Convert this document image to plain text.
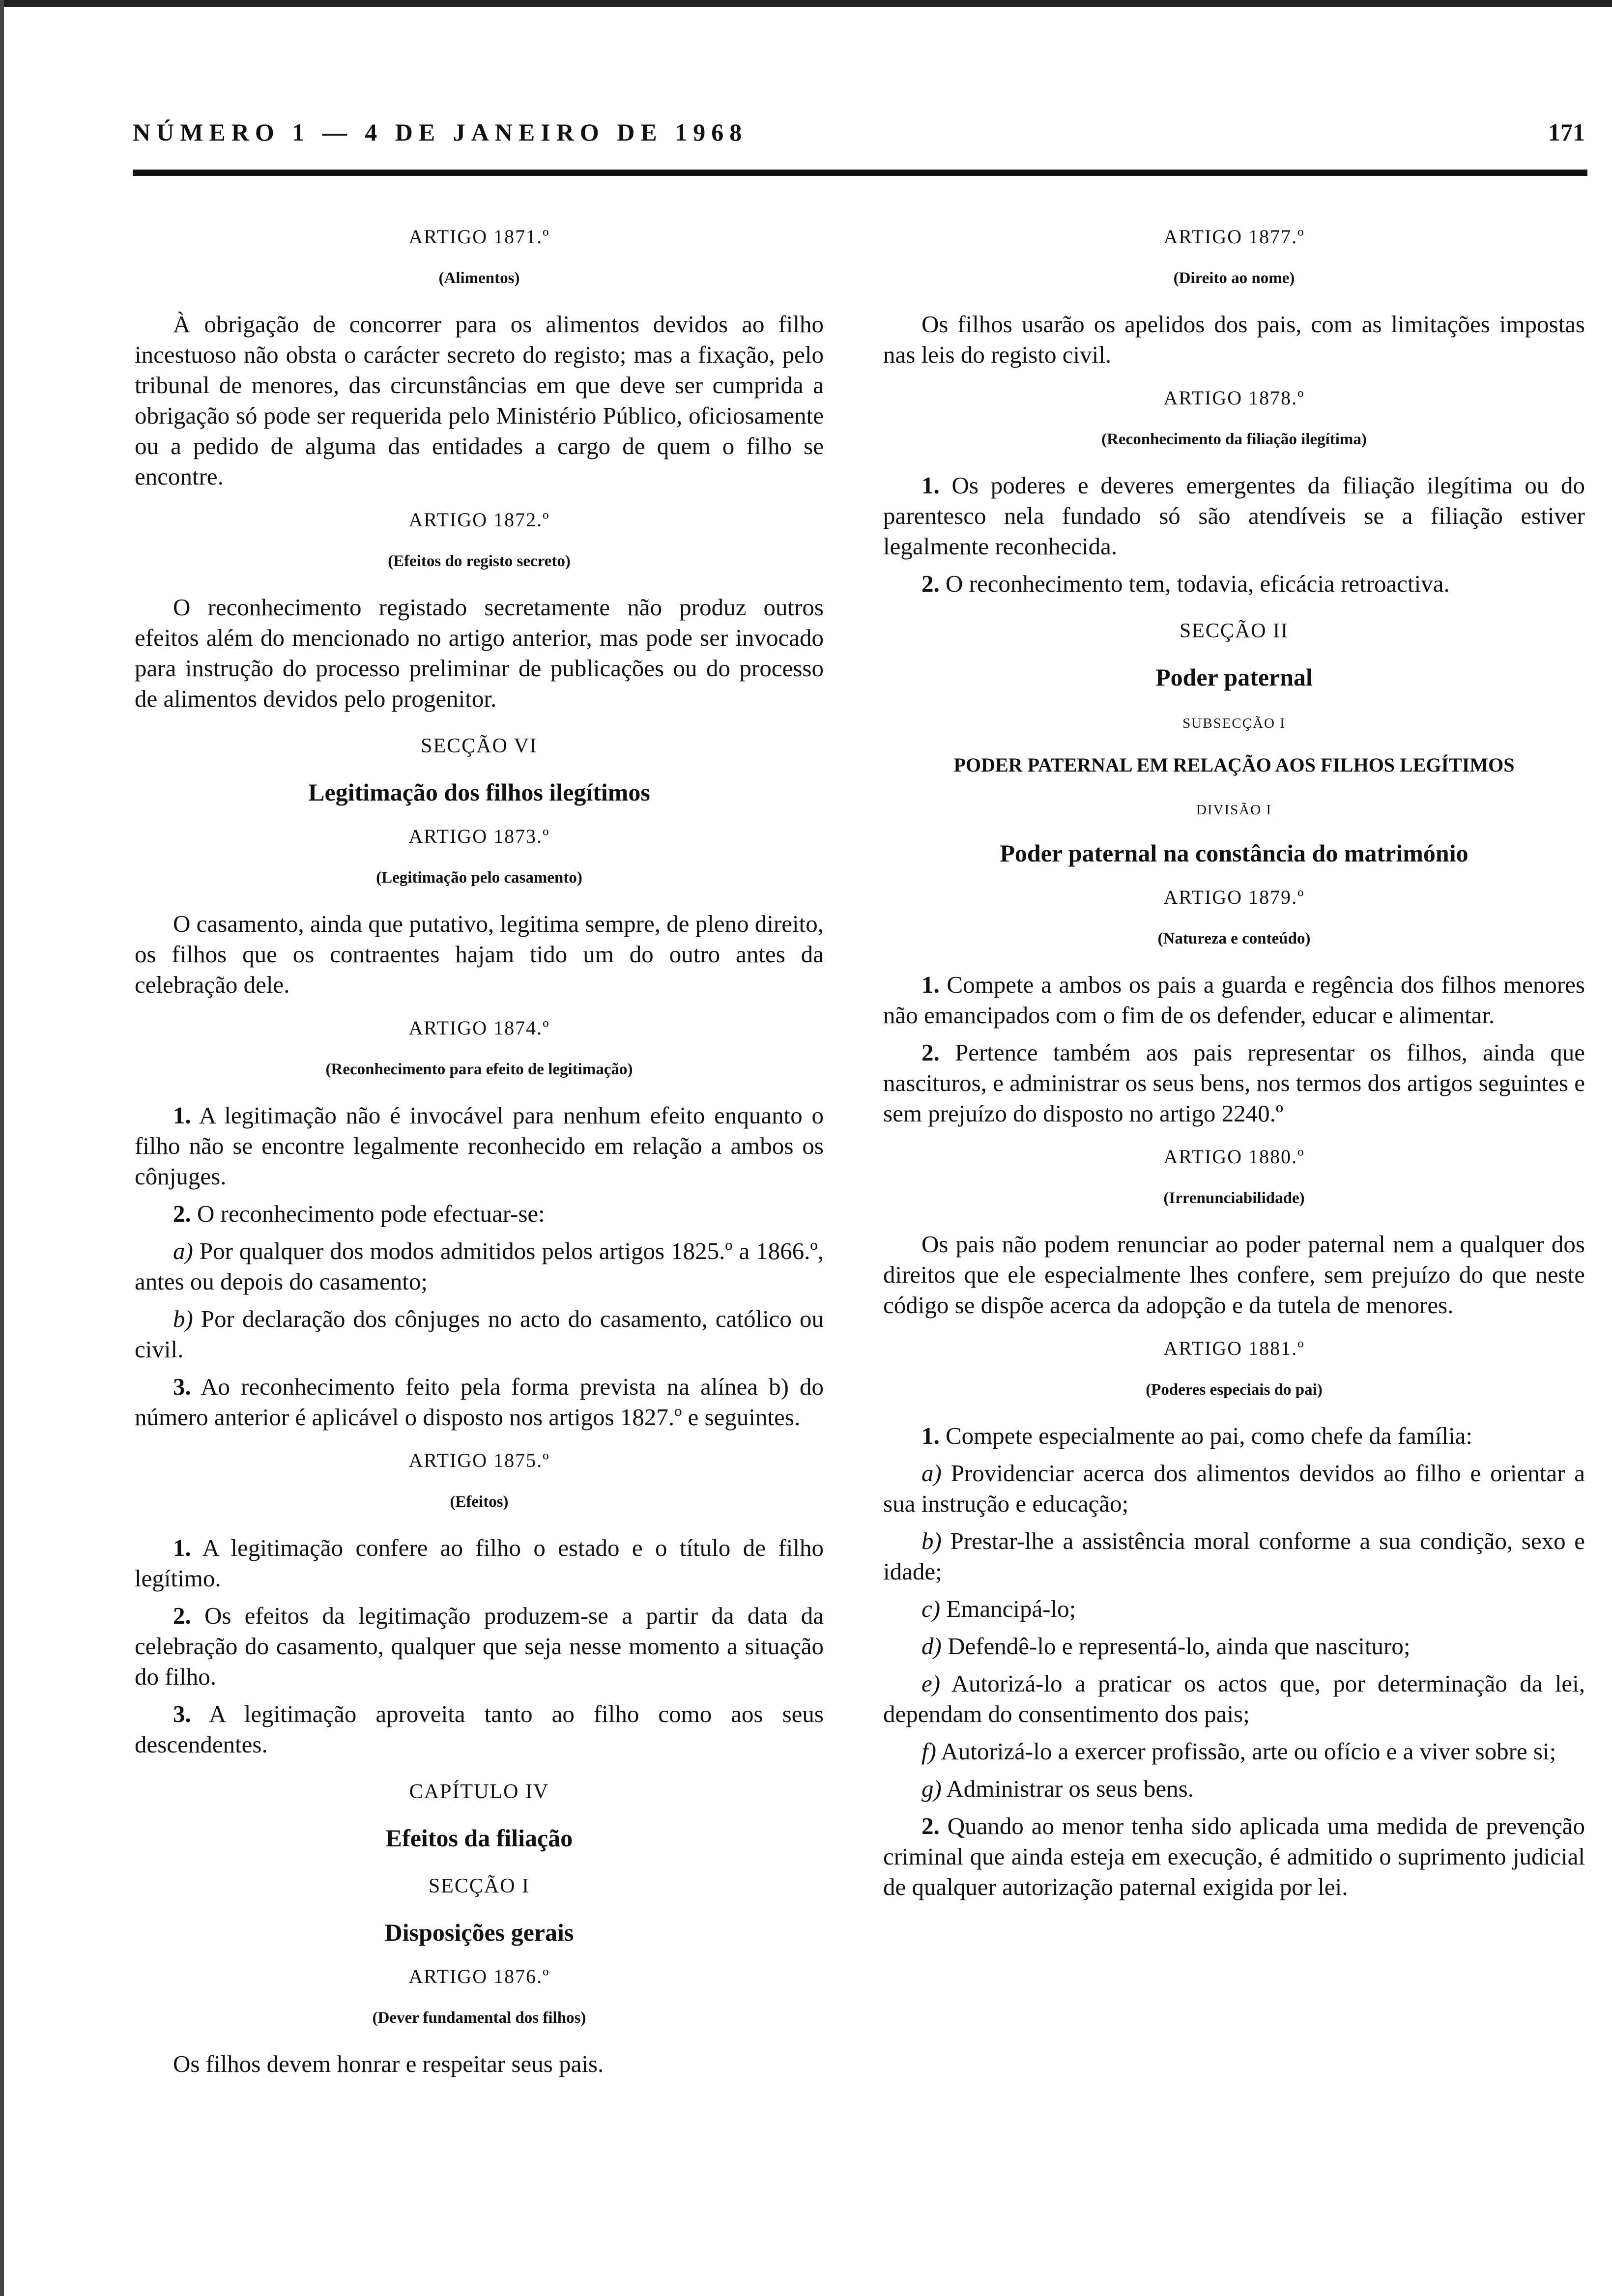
NÚMERO 1 — 4 DE JANEIRO DE 1968	171
ARTIGO 1871.º
(Alimentos)
À obrigação de concorrer para os alimentos devidos ao filho incestuoso não obsta o carácter secreto do registo; mas a fixação, pelo tribunal de menores, das circunstâncias em que deve ser cumprida a obrigação só pode ser requerida pelo Ministério Público, oficiosamente ou a pedido de alguma das entidades a cargo de quem o filho se encontre.
ARTIGO 1872.º
(Efeitos do registo secreto)
O reconhecimento registado secretamente não produz outros efeitos além do mencionado no artigo anterior, mas pode ser invocado para instrução do processo preliminar de publicações ou do processo de alimentos devidos pelo progenitor.
SECÇÃO VI
Legitimação dos filhos ilegítimos
ARTIGO 1873.º
(Legitimação pelo casamento)
O casamento, ainda que putativo, legitima sempre, de pleno direito, os filhos que os contraentes hajam tido um do outro antes da celebração dele.
ARTIGO 1874.º
(Reconhecimento para efeito de legitimação)
1. A legitimação não é invocável para nenhum efeito enquanto o filho não se encontre legalmente reconhecido em relação a ambos os cônjuges.
2. O reconhecimento pode efectuar-se:
a) Por qualquer dos modos admitidos pelos artigos 1825.º a 1866.º, antes ou depois do casamento;
b) Por declaração dos cônjuges no acto do casamento, católico ou civil.
3. Ao reconhecimento feito pela forma prevista na alínea b) do número anterior é aplicável o disposto nos artigos 1827.º e seguintes.
ARTIGO 1875.º
(Efeitos)
1. A legitimação confere ao filho o estado e o título de filho legítimo.
2. Os efeitos da legitimação produzem-se a partir da data da celebração do casamento, qualquer que seja nesse momento a situação do filho.
3. A legitimação aproveita tanto ao filho como aos seus descendentes.
CAPÍTULO IV
Efeitos da filiação
SECÇÃO I
Disposições gerais
ARTIGO 1876.º
(Dever fundamental dos filhos)
Os filhos devem honrar e respeitar seus pais.
ARTIGO 1877.º
(Direito ao nome)
Os filhos usarão os apelidos dos pais, com as limitações impostas nas leis do registo civil.
ARTIGO 1878.º
(Reconhecimento da filiação ilegítima)
1. Os poderes e deveres emergentes da filiação ilegítima ou do parentesco nela fundado só são atendíveis se a filiação estiver legalmente reconhecida.
2. O reconhecimento tem, todavia, eficácia retroactiva.
SECÇÃO II
Poder paternal
SUBSECÇÃO I
PODER PATERNAL EM RELAÇÃO AOS FILHOS LEGÍTIMOS
DIVISÃO I
Poder paternal na constância do matrimónio
ARTIGO 1879.º
(Natureza e conteúdo)
1. Compete a ambos os pais a guarda e regência dos filhos menores não emancipados com o fim de os defender, educar e alimentar.
2. Pertence também aos pais representar os filhos, ainda que nascituros, e administrar os seus bens, nos termos dos artigos seguintes e sem prejuízo do disposto no artigo 2240.º
ARTIGO 1880.º
(Irrenunciabilidade)
Os pais não podem renunciar ao poder paternal nem a qualquer dos direitos que ele especialmente lhes confere, sem prejuízo do que neste código se dispõe acerca da adopção e da tutela de menores.
ARTIGO 1881.º
(Poderes especiais do pai)
1. Compete especialmente ao pai, como chefe da família:
a) Providenciar acerca dos alimentos devidos ao filho e orientar a sua instrução e educação;
b) Prestar-lhe a assistência moral conforme a sua condição, sexo e idade;
c) Emancipá-lo;
d) Defendê-lo e representá-lo, ainda que nascituro;
e) Autorizá-lo a praticar os actos que, por determinação da lei, dependam do consentimento dos pais;
f) Autorizá-lo a exercer profissão, arte ou ofício e a viver sobre si;
g) Administrar os seus bens.
2. Quando ao menor tenha sido aplicada uma medida de prevenção criminal que ainda esteja em execução, é admitido o suprimento judicial de qualquer autorização paternal exigida por lei.
